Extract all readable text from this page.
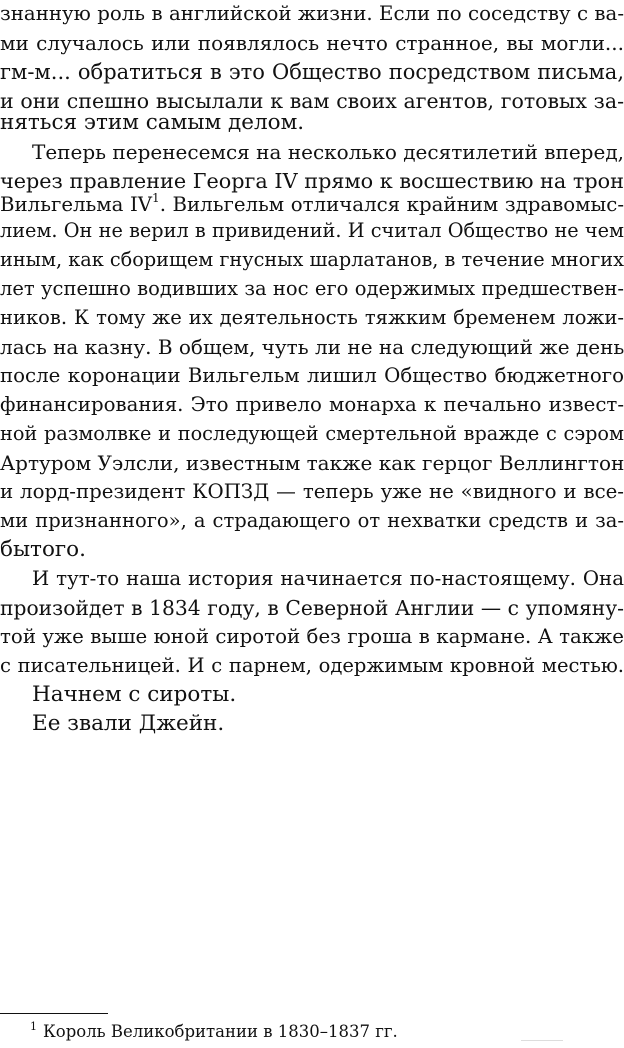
знанную роль в английской жизни. Если по соседству с ва-
ми случалось или появлялось нечто странное, вы могли...
гм-м... обратиться в это Общество посредством письма,
и они спешно высылали к вам своих агентов, готовых за-
няться этим самым делом.
Теперь перенесемся на несколько десятилетий вперед,
через правление Георга IV прямо к восшествию на трон
Вильгельма IV$^1$. Вильгельм отличался крайним здравомыс-
лием. Он не верил в привидений. И считал Общество не чем
иным, как сборищем гнусных шарлатанов, в течение многих
лет успешно водивших за нос его одержимых предшествен-
ников. К тому же их деятельность тяжким бременем ложи-
лась на казну. В общем, чуть ли не на следующий же день
после коронации Вильгельм лишил Общество бюджетного
финансирования. Это привело монарха к печально извест-
ной размолвке и последующей смертельной вражде с сэром
Артуром Уэлсли, известным также как герцог Веллингтон
и лорд-президент КОПЗД — теперь уже не «видного и все-
ми признанного», а страдающего от нехватки средств и за-
бытого.
И тут-то наша история начинается по-настоящему. Она
произойдет в 1834 году, в Северной Англии — с упомяну-
той уже выше юной сиротой без гроша в кармане. А также
с писательницей. И с парнем, одержимым кровной местью.
Начнем с сироты.
Ее звали Джейн.
$^1$ Король Великобритании в 1830–1837 гг.
